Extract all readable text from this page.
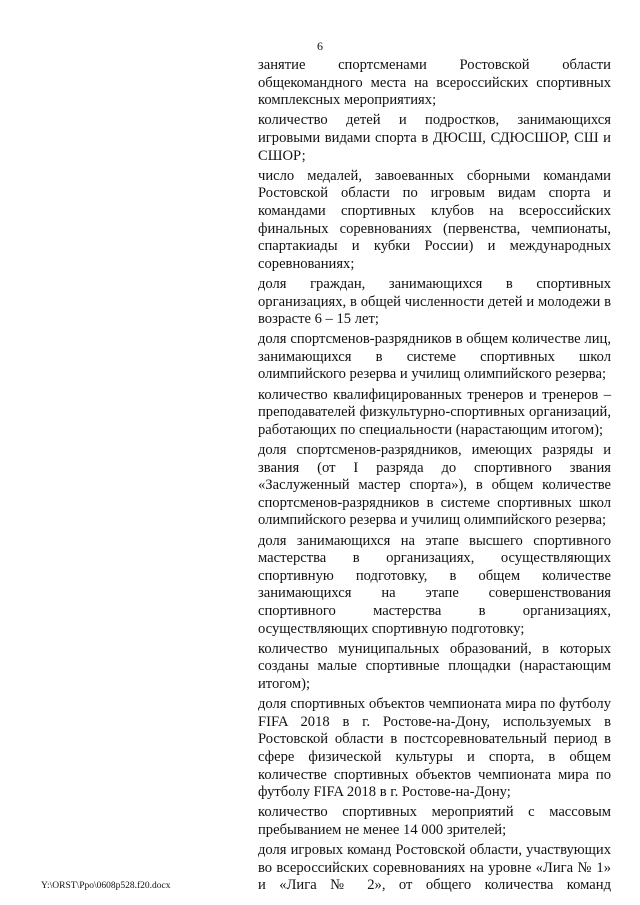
6

занятие спортсменами Ростовской области общекомандного места на всероссийских спортивных комплексных мероприятиях;

количество детей и подростков, занимающихся игровыми видами спорта в ДЮСШ, СДЮСШОР, СШ и СШОР;

число медалей, завоеванных сборными командами Ростовской области по игровым видам спорта и командами спортивных клубов на всероссийских финальных соревнованиях (первенства, чемпионаты, спартакиады и кубки России) и международных соревнованиях;

доля граждан, занимающихся в спортивных организациях, в общей численности детей и молодежи в возрасте 6 – 15 лет;

доля спортсменов-разрядников в общем количестве лиц, занимающихся в системе спортивных школ олимпийского резерва и училищ олимпийского резерва;

количество квалифицированных тренеров и тренеров – преподавателей физкультурно-спортивных организаций, работающих по специальности (нарастающим итогом);

доля спортсменов-разрядников, имеющих разряды и звания (от I разряда до спортивного звания «Заслуженный мастер спорта»), в общем количестве спортсменов-разрядников в системе спортивных школ олимпийского резерва и училищ олимпийского резерва;

доля занимающихся на этапе высшего спортивного мастерства в организациях, осуществляющих спортивную подготовку, в общем количестве занимающихся на этапе совершенствования спортивного мастерства в организациях, осуществляющих спортивную подготовку;

количество муниципальных образований, в которых созданы малые спортивные площадки (нарастающим итогом);

доля спортивных объектов чемпионата мира по футболу FIFA 2018 в г. Ростове-на-Дону, используемых в Ростовской области в постсоревновательный период в сфере физической культуры и спорта, в общем количестве спортивных объектов чемпионата мира по футболу FIFA 2018 в г. Ростове-на-Дону;

количество спортивных мероприятий с массовым пребыванием не менее 14 000 зрителей;

доля игровых команд Ростовской области, участвующих во всероссийских соревнованиях на уровне «Лига № 1» и «Лига № 2», от общего количества команд

Y:\ORST\Ppo\0608p528.f20.docx
